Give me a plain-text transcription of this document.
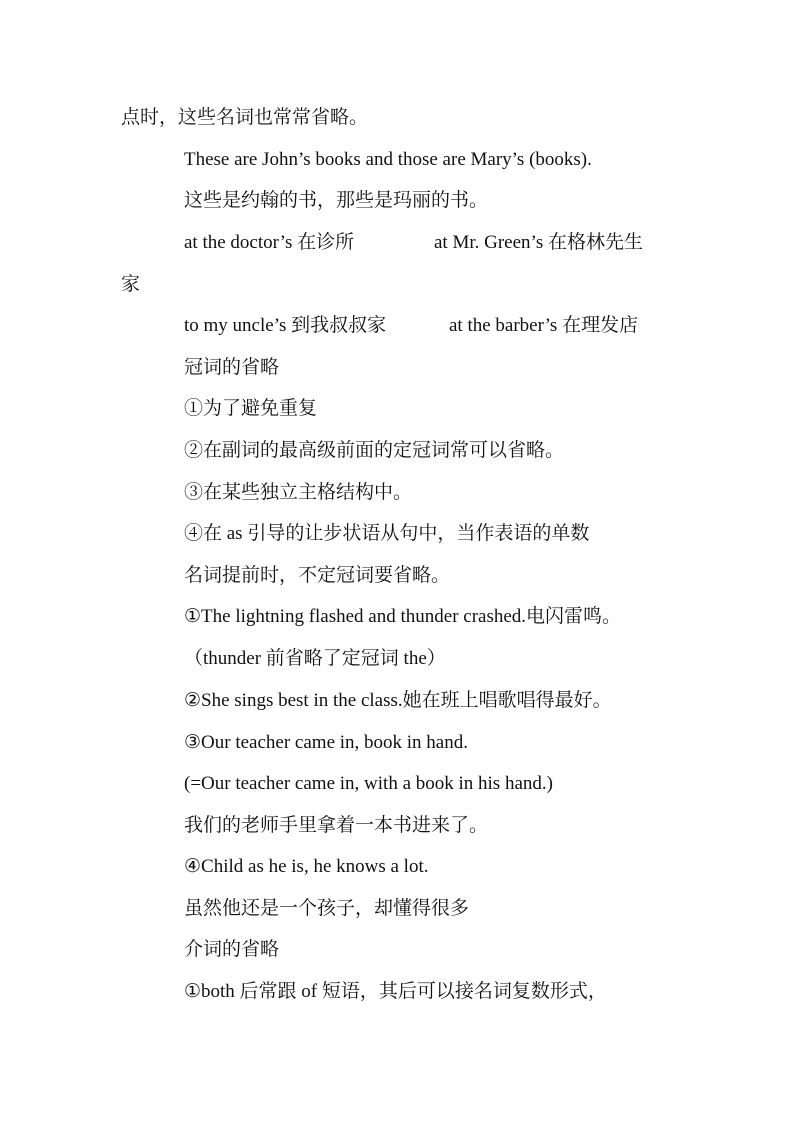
点时，这些名词也常常省略。
These are John’s books and those are Mary’s (books).
这些是约翰的书，那些是玛丽的书。
at the doctor’s 在诊所	at Mr. Green’s 在格林先生
家
to my uncle’s 到我叔叔家	at the barber’s 在理发店
冠词的省略
①为了避免重复
②在副词的最高级前面的定冠词常可以省略。
③在某些独立主格结构中。
④在 as 引导的让步状语从句中，当作表语的单数
名词提前时，不定冠词要省略。
①The lightning flashed and thunder crashed.电闪雷鸣。
（thunder 前省略了定冠词 the）
②She sings best in the class.她在班上唱歌唱得最好。
③Our teacher came in, book in hand.
(=Our teacher came in, with a book in his hand.)
我们的老师手里拿着一本书进来了。
④Child as he is, he knows a lot.
虽然他还是一个孩子，却懂得很多
介词的省略
①both 后常跟 of 短语，其后可以接名词复数形式，
